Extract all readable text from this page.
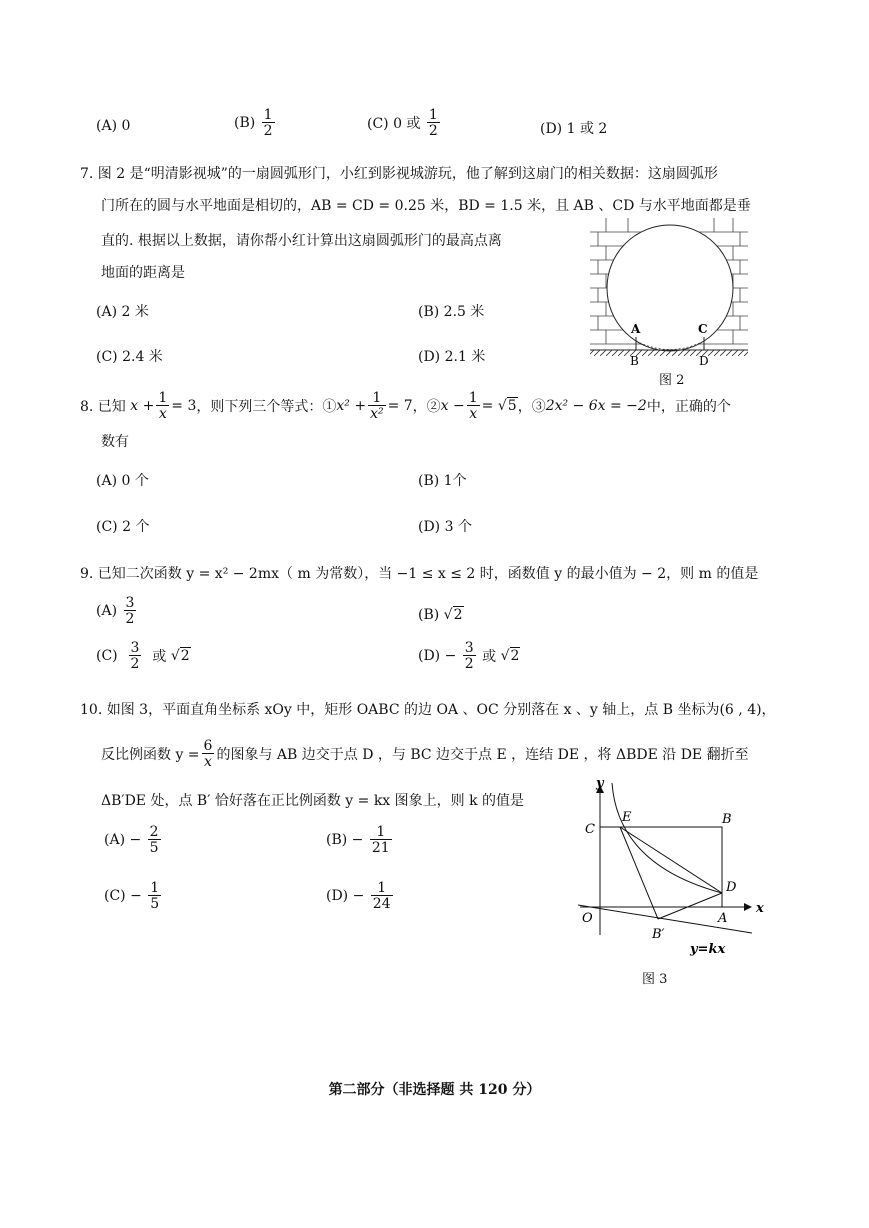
(A) 0	$(B) \frac{1}{2}$	(C) 0 或 $\frac{1}{2}$	(D) 1 或 2
7. 图 2 是“明清影视城”的一扇圆弧形门，小红到影视城游玩，他了解到这扇门的相关数据：这扇圆弧形
门所在的圆与水平地面是相切的，AB = CD = 0.25 米，BD = 1.5 米，且 AB 、CD 与水平地面都是垂
直的. 根据以上数据，请你帮小红计算出这扇圆弧形门的最高点离
地面的距离是
(A) 2 米	(B) 2.5 米
(C) 2.4 米	(D) 2.1 米
A	C
B	D
图 2
8. 已知
$x + \frac{1}{x} = 3$ ，则下列三个等式：① $x^2 + \frac{1}{\text{x²}} = 7$ ，② $x - \frac{1}{x}$ = √ 5 ，③ 2x² − 6x = −2 中，正确的个
数有
(A) 0 个	(B) 1个
(C) 2 个	(D) 3 个
9. 已知二次函数 y = x² − 2mx（ m 为常数），当 −1 ≤ x ≤ 2 时，函数值 y 的最小值为 − 2，则 m 的值是
$(A) \frac{3}{2}$	(B) √2
$(C) \frac{3}{2}$ 或 √2	$(D) - \frac{3}{2}$ 或 √2
10. 如图 3，平面直角坐标系 xOy 中，矩形 OABC 的边 OA 、OC 分别落在 x 、y 轴上，点 B 坐标为(6 , 4)，
反比例函数 $y = \frac{6}{x}$ 的图象与 AB 边交于点 D ，与 BC 边交于点 E ，连结 DE ，将 ΔBDE 沿 DE 翻折至
ΔB′DE 处，点 B′ 恰好落在正比例函数 y = kx 图象上，则 k 的值是
$(A) - \frac{2}{5}$	$(B) - \frac{1}{21}$
$(C) - \frac{1}{5}$	$(D) - \frac{1}{24}$
y
x
C
E	B
D
O	A
B′
y=kx
图 3
第二部分（非选择题 共 120 分）
